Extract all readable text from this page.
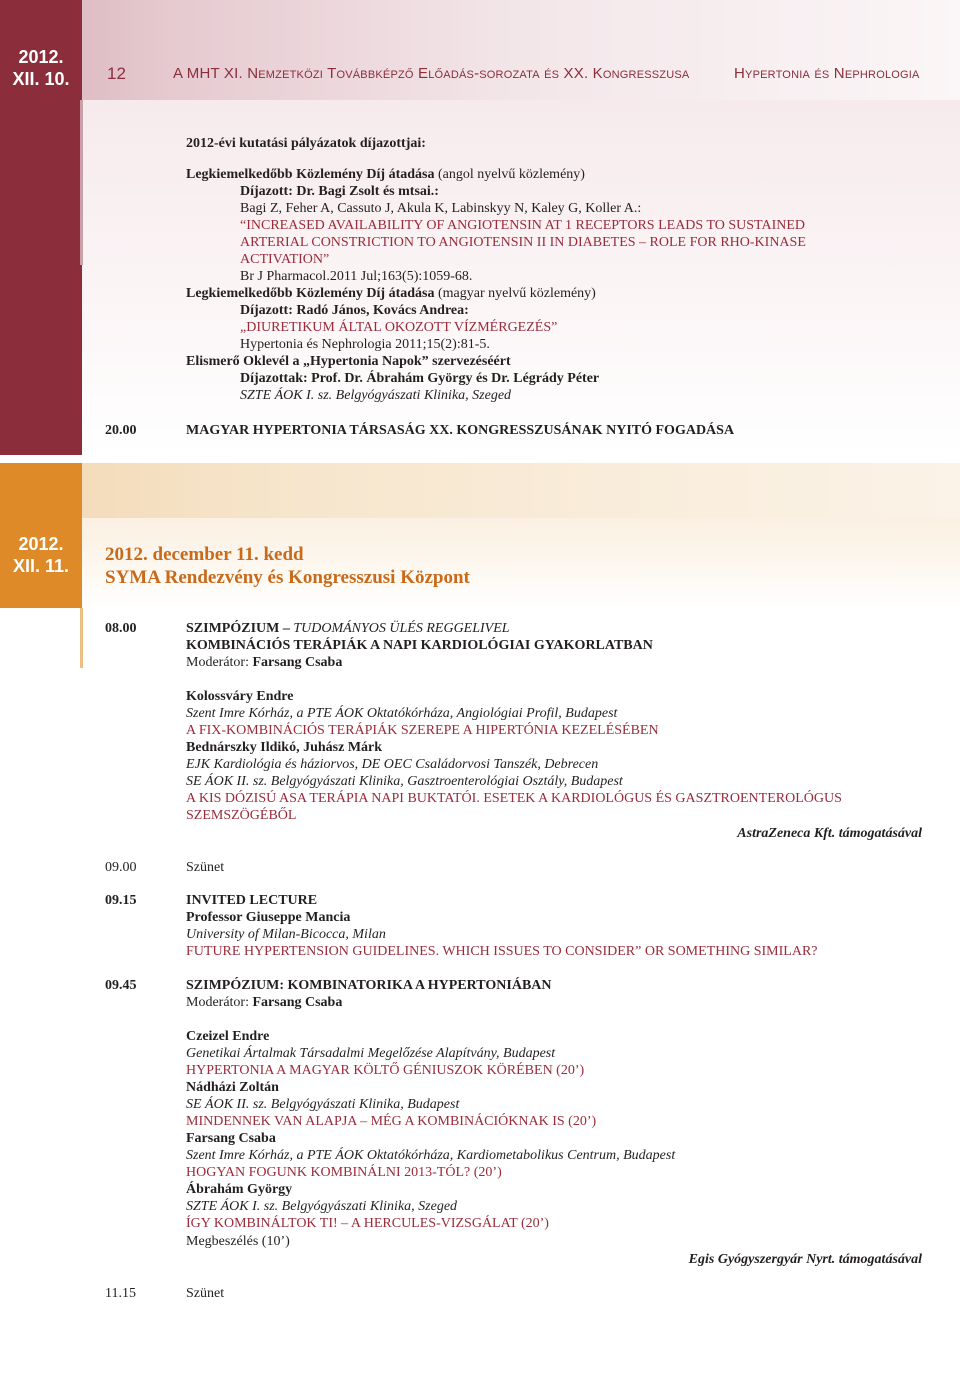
2012.
XII. 10.
2012.
XII. 11.
12	A MHT XI. Nemzetközi Továbbképző Előadás-sorozata és XX. Kongresszusa	Hypertonia és Nephrologia
2012-évi kutatási pályázatok díjazottjai:
Legkiemelkedőbb Közlemény Díj átadása (angol nyelvű közlemény)
Díjazott: Dr. Bagi Zsolt és mtsai.:
Bagi Z, Feher A, Cassuto J, Akula K, Labinskyy N, Kaley G, Koller A.:
“INCREASED AVAILABILITY OF ANGIOTENSIN AT 1 RECEPTORS LEADS TO SUSTAINED
ARTERIAL CONSTRICTION TO ANGIOTENSIN II IN DIABETES – ROLE FOR RHO-KINASE
ACTIVATION”
Br J Pharmacol.2011 Jul;163(5):1059-68.
Legkiemelkedőbb Közlemény Díj átadása (magyar nyelvű közlemény)
Díjazott: Radó János, Kovács Andrea:
„DIURETIKUM ÁLTAL OKOZOTT VÍZMÉRGEZÉS”
Hypertonia és Nephrologia 2011;15(2):81-5.
Elismerő Oklevél a „Hypertonia Napok” szervezéséért
Díjazottak: Prof. Dr. Ábrahám György és Dr. Légrády Péter
SZTE ÁOK I. sz. Belgyógyászati Klinika, Szeged
20.00	MAGYAR HYPERTONIA TÁRSASÁG XX. KONGRESSZUSÁNAK NYITÓ FOGADÁSA
2012. december 11. kedd
SYMA Rendezvény és Kongresszusi Központ
08.00	SZIMPÓZIUM – TUDOMÁNYOS ÜLÉS REGGELIVEL
KOMBINÁCIÓS TERÁPIÁK A NAPI KARDIOLÓGIAI GYAKORLATBAN
Moderátor: Farsang Csaba
Kolossváry Endre
Szent Imre Kórház, a PTE ÁOK Oktatókórháza, Angiológiai Profil, Budapest
A FIX-KOMBINÁCIÓS TERÁPIÁK SZEREPE A HIPERTÓNIA KEZELÉSÉBEN
Bednárszky Ildikó, Juhász Márk
EJK Kardiológia és háziorvos, DE OEC Családorvosi Tanszék, Debrecen
SE ÁOK II. sz. Belgyógyászati Klinika, Gasztroenterológiai Osztály, Budapest
A KIS DÓZISÚ ASA TERÁPIA NAPI BUKTATÓI. ESETEK A KARDIOLÓGUS ÉS GASZTROENTEROLÓGUS
SZEMSZÖGÉBŐL
AstraZeneca Kft. támogatásával
09.00	Szünet
09.15	INVITED LECTURE
Professor Giuseppe Mancia
University of Milan-Bicocca, Milan
FUTURE HYPERTENSION GUIDELINES. WHICH ISSUES TO CONSIDER” OR SOMETHING SIMILAR?
09.45	SZIMPÓZIUM: KOMBINATORIKA A HYPERTONIÁBAN
Moderátor: Farsang Csaba
Czeizel Endre
Genetikai Ártalmak Társadalmi Megelőzése Alapítvány, Budapest
HYPERTONIA A MAGYAR KÖLTŐ GÉNIUSZOK KÖRÉBEN (20’)
Nádházi Zoltán
SE ÁOK II. sz. Belgyógyászati Klinika, Budapest
MINDENNEK VAN ALAPJA – MÉG A KOMBINÁCIÓKNAK IS (20’)
Farsang Csaba
Szent Imre Kórház, a PTE ÁOK Oktatókórháza, Kardiometabolikus Centrum, Budapest
HOGYAN FOGUNK KOMBINÁLNI 2013-TÓL? (20’)
Ábrahám György
SZTE ÁOK I. sz. Belgyógyászati Klinika, Szeged
ÍGY KOMBINÁLTOK TI! – A HERCULES-VIZSGÁLAT (20’)
Megbeszélés (10’)
Egis Gyógyszergyár Nyrt. támogatásával
11.15	Szünet
